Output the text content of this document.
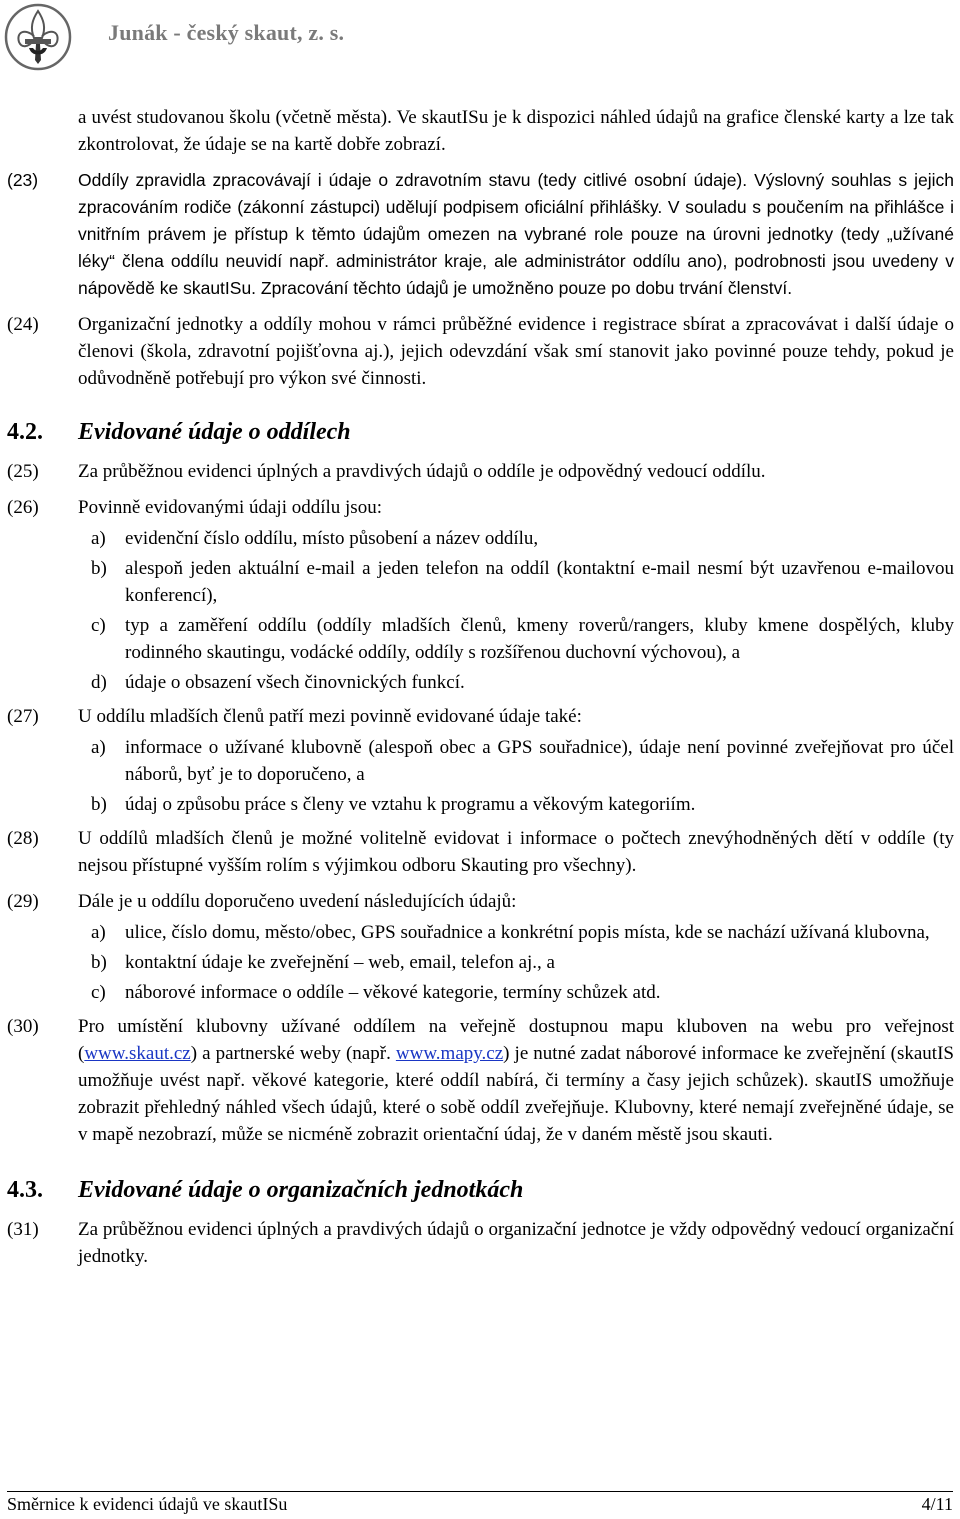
Junák - český skaut, z. s.
a uvést studovanou školu (včetně města). Ve skautISu je k dispozici náhled údajů na grafice členské karty a lze tak zkontrolovat, že údaje se na kartě dobře zobrazí.
(23) Oddíly zpravidla zpracovávají i údaje o zdravotním stavu (tedy citlivé osobní údaje). Výslovný souhlas s jejich zpracováním rodiče (zákonní zástupci) udělují podpisem oficiální přihlášky. V souladu s poučením na přihlášce i vnitřním právem je přístup k těmto údajům omezen na vybrané role pouze na úrovni jednotky (tedy „užívané léky“ člena oddílu neuvidí např. administrátor kraje, ale administrátor oddílu ano), podrobnosti jsou uvedeny v nápovědě ke skautISu. Zpracování těchto údajů je umožněno pouze po dobu trvání členství.
(24) Organizační jednotky a oddíly mohou v rámci průběžné evidence i registrace sbírat a zpracovávat i další údaje o členovi (škola, zdravotní pojišťovna aj.), jejich odevzdání však smí stanovit jako povinné pouze tehdy, pokud je odůvodněně potřebují pro výkon své činnosti.
4.2. Evidované údaje o oddílech
(25) Za průběžnou evidenci úplných a pravdivých údajů o oddíle je odpovědný vedoucí oddílu.
(26) Povinně evidovanými údaji oddílu jsou:
a) evidenční číslo oddílu, místo působení a název oddílu,
b) alespoň jeden aktuální e-mail a jeden telefon na oddíl (kontaktní e-mail nesmí být uzavřenou e-mailovou konferencí),
c) typ a zaměření oddílu (oddíly mladších členů, kmeny roverů/rangers, kluby kmene dospělých, kluby rodinného skautingu, vodácké oddíly, oddíly s rozšířenou duchovní výchovou), a
d) údaje o obsazení všech činovnických funkcí.
(27) U oddílu mladších členů patří mezi povinně evidované údaje také:
a) informace o užívané klubovně (alespoň obec a GPS souřadnice), údaje není povinné zveřejňovat pro účel náborů, byť je to doporučeno, a
b) údaj o způsobu práce s členy ve vztahu k programu a věkovým kategoriím.
(28) U oddílů mladších členů je možné volitelně evidovat i informace o počtech znevýhodněných dětí v oddíle (ty nejsou přístupné vyšším rolím s výjimkou odboru Skauting pro všechny).
(29) Dále je u oddílu doporučeno uvedení následujících údajů:
a) ulice, číslo domu, město/obec, GPS souřadnice a konkrétní popis místa, kde se nachází užívaná klubovna,
b) kontaktní údaje ke zveřejnění – web, email, telefon aj., a
c) náborové informace o oddíle – věkové kategorie, termíny schůzek atd.
(30) Pro umístění klubovny užívané oddílem na veřejně dostupnou mapu kluboven na webu pro veřejnost (www.skaut.cz) a partnerské weby (např. www.mapy.cz) je nutné zadat náborové informace ke zveřejnění (skautIS umožňuje uvést např. věkové kategorie, které oddíl nabírá, či termíny a časy jejich schůzek). skautIS umožňuje zobrazit přehledný náhled všech údajů, které o sobě oddíl zveřejňuje. Klubovny, které nemají zveřejněné údaje, se v mapě nezobrazí, může se nicméně zobrazit orientační údaj, že v daném městě jsou skauti.
4.3. Evidované údaje o organizačních jednotkách
(31) Za průběžnou evidenci úplných a pravdivých údajů o organizační jednotce je vždy odpovědný vedoucí organizační jednotky.
Směrnice k evidenci údajů ve skautISu	4/11
